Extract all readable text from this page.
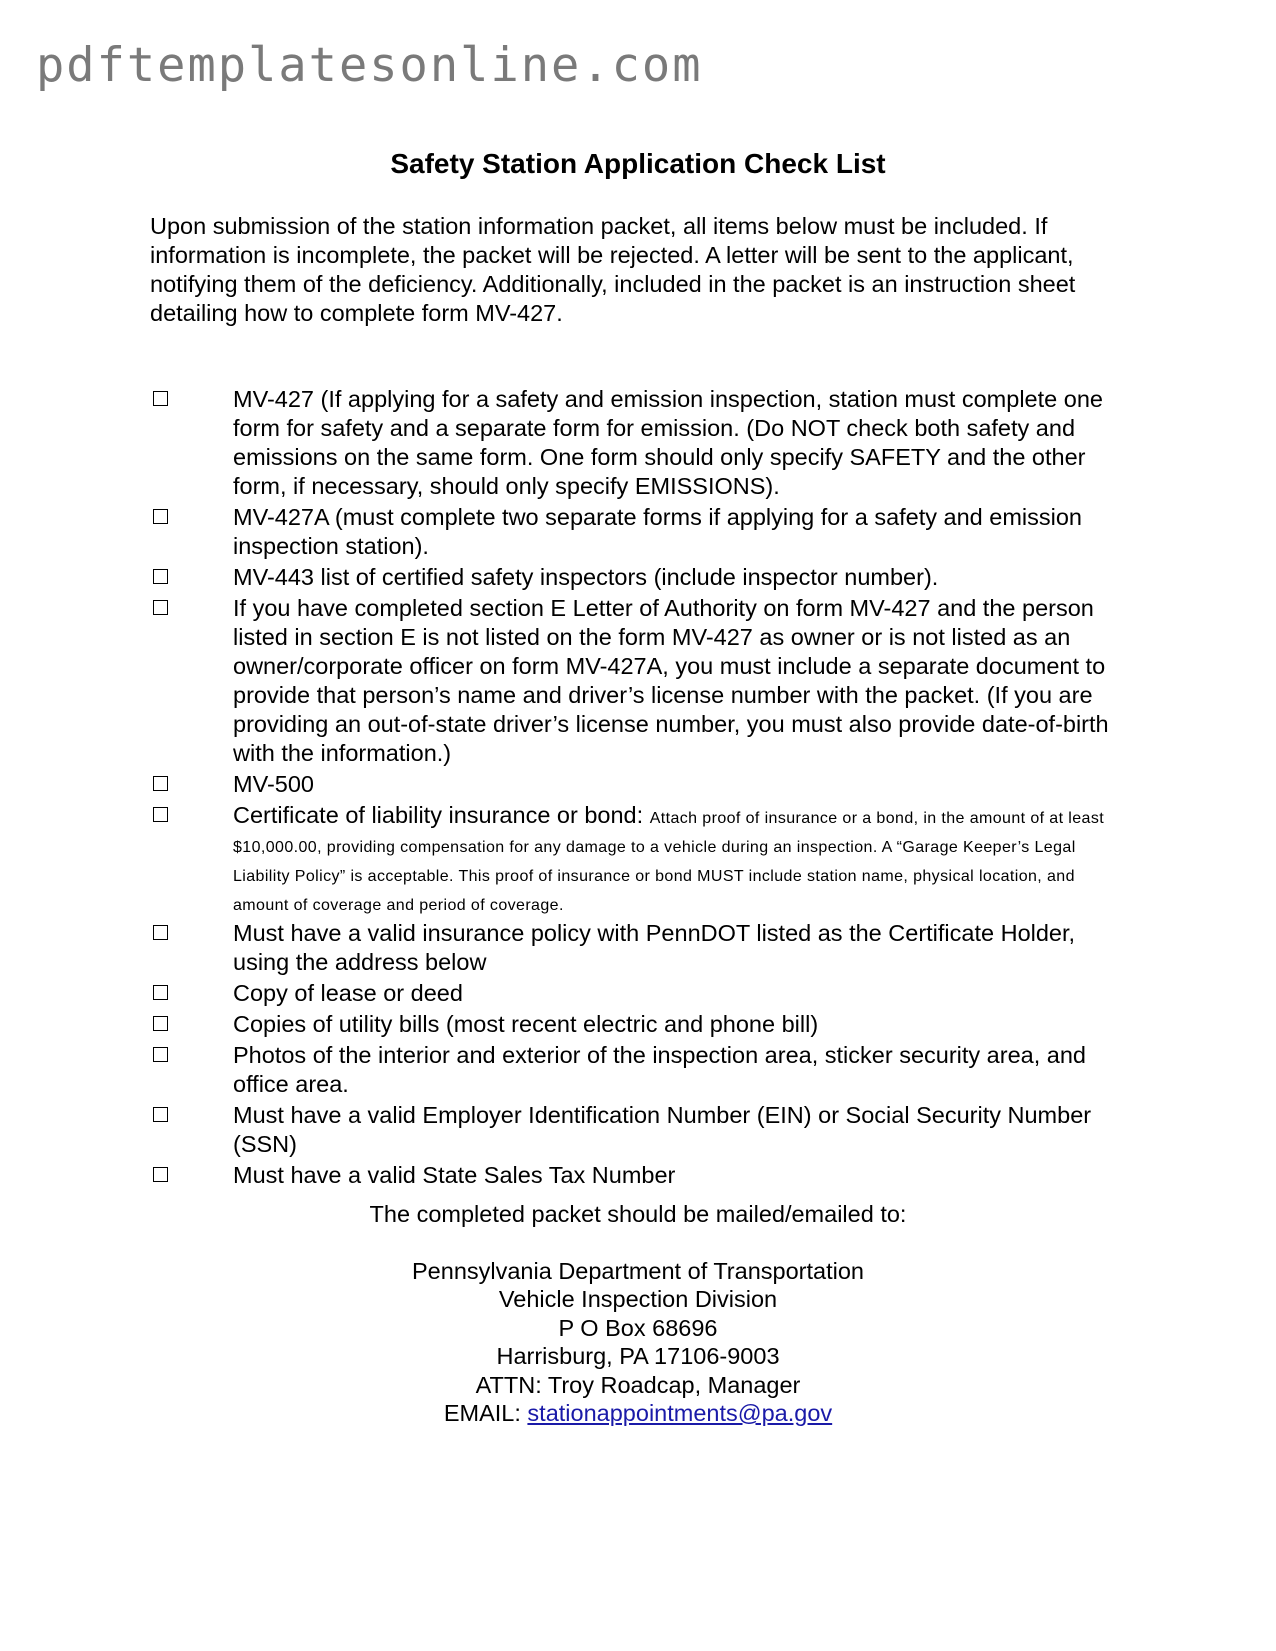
pdftemplatesonline.com
Safety Station Application Check List
Upon submission of the station information packet, all items below must be included. If information is incomplete, the packet will be rejected. A letter will be sent to the applicant, notifying them of the deficiency. Additionally, included in the packet is an instruction sheet detailing how to complete form MV-427.
MV-427 (If applying for a safety and emission inspection, station must complete one form for safety and a separate form for emission. (Do NOT check both safety and emissions on the same form. One form should only specify SAFETY and the other form, if necessary, should only specify EMISSIONS).
MV-427A (must complete two separate forms if applying for a safety and emission inspection station).
MV-443 list of certified safety inspectors (include inspector number).
If you have completed section E Letter of Authority on form MV-427 and the person listed in section E is not listed on the form MV-427 as owner or is not listed as an owner/corporate officer on form MV-427A, you must include a separate document to provide that person’s name and driver’s license number with the packet. (If you are providing an out-of-state driver’s license number, you must also provide date-of-birth with the information.)
MV-500
Certificate of liability insurance or bond: Attach proof of insurance or a bond, in the amount of at least $10,000.00, providing compensation for any damage to a vehicle during an inspection. A “Garage Keeper’s Legal Liability Policy” is acceptable. This proof of insurance or bond MUST include station name, physical location, and amount of coverage and period of coverage.
Must have a valid insurance policy with PennDOT listed as the Certificate Holder, using the address below
Copy of lease or deed
Copies of utility bills (most recent electric and phone bill)
Photos of the interior and exterior of the inspection area, sticker security area, and office area.
Must have a valid Employer Identification Number (EIN) or Social Security Number (SSN)
Must have a valid State Sales Tax Number
The completed packet should be mailed/emailed to:
Pennsylvania Department of Transportation
Vehicle Inspection Division
P O Box 68696
Harrisburg, PA 17106-9003
ATTN: Troy Roadcap, Manager
EMAIL: stationappointments@pa.gov
